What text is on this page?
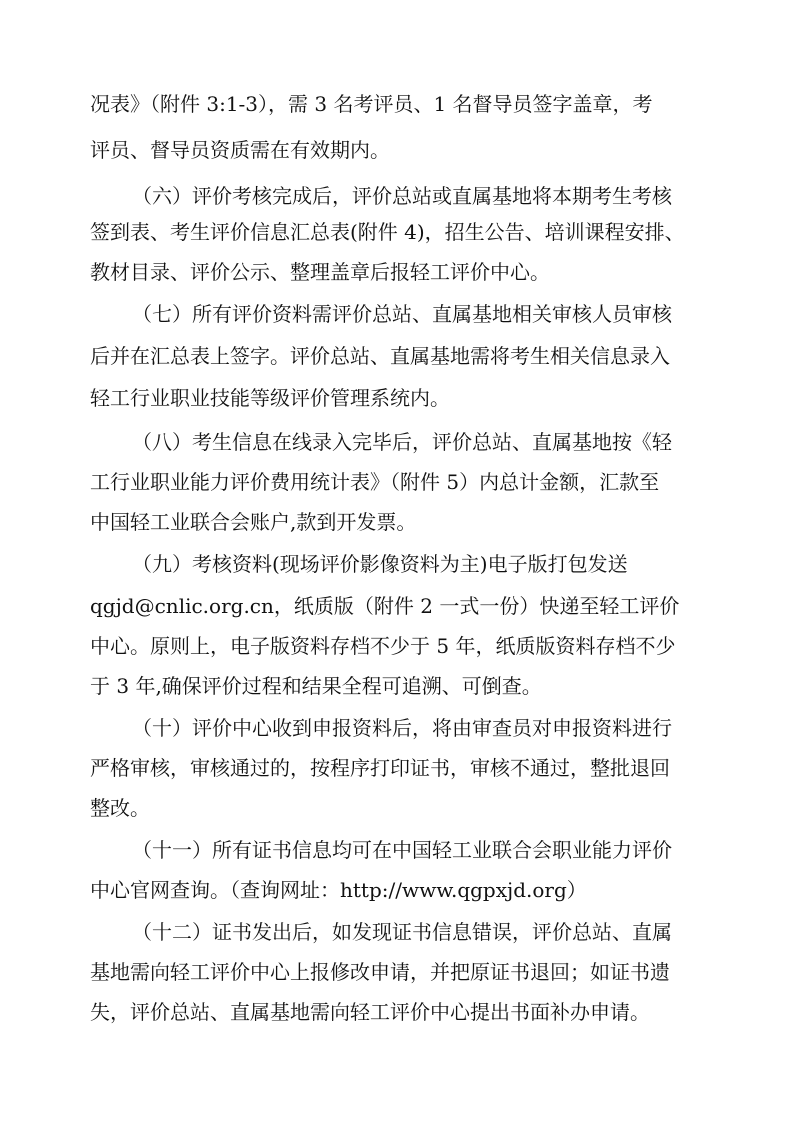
况表》（附件 3:1-3），需 3 名考评员、1 名督导员签字盖章，考
评员、督导员资质需在有效期内。
（六）评价考核完成后，评价总站或直属基地将本期考生考核
签到表、考生评价信息汇总表(附件 4)，招生公告、培训课程安排、
教材目录、评价公示、整理盖章后报轻工评价中心。
（七）所有评价资料需评价总站、直属基地相关审核人员审核
后并在汇总表上签字。评价总站、直属基地需将考生相关信息录入
轻工行业职业技能等级评价管理系统内。
（八）考生信息在线录入完毕后，评价总站、直属基地按《轻
工行业职业能力评价费用统计表》（附件 5）内总计金额，汇款至
中国轻工业联合会账户,款到开发票。
（九）考核资料(现场评价影像资料为主)电子版打包发送
qgjd@cnlic.org.cn，纸质版（附件 2 一式一份）快递至轻工评价
中心。原则上，电子版资料存档不少于 5 年，纸质版资料存档不少
于 3 年,确保评价过程和结果全程可追溯、可倒查。
（十）评价中心收到申报资料后，将由审查员对申报资料进行
严格审核，审核通过的，按程序打印证书，审核不通过，整批退回
整改。
（十一）所有证书信息均可在中国轻工业联合会职业能力评价
中心官网查询。（查询网址：http://www.qgpxjd.org）
（十二）证书发出后，如发现证书信息错误，评价总站、直属
基地需向轻工评价中心上报修改申请，并把原证书退回；如证书遗
失，评价总站、直属基地需向轻工评价中心提出书面补办申请。
